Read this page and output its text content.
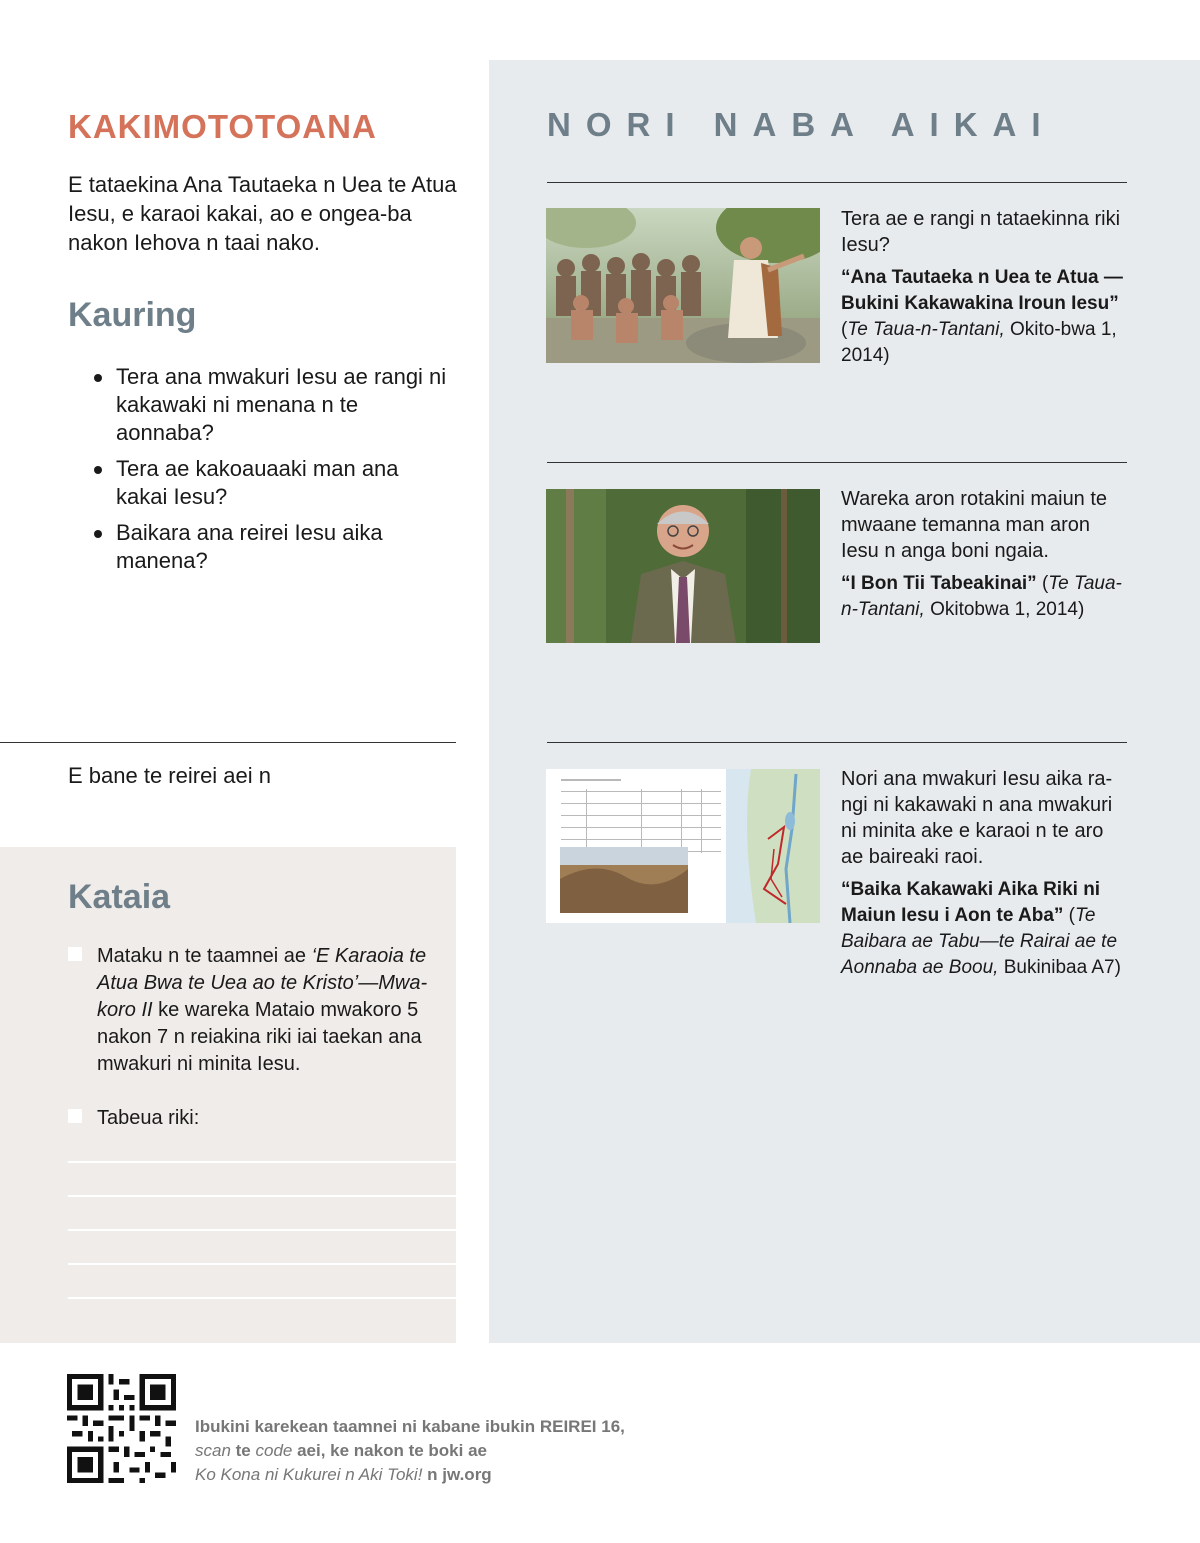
KAKIMOTOTOANA

E tataekina Ana Tautaeka n Uea te Atua Iesu, e karaoi kakai, ao e ongea-ba nakon Iehova n taai nako.

Kauring
Tera ana mwakuri Iesu ae rangi ni kakawaki ni menana n te aonnaba?
Tera ae kakoauaaki man ana kakai Iesu?
Baikara ana reirei Iesu aika manena?

E bane te reirei aei n

Kataia
Mataku n te taamnei ae ‘E Karaoia te Atua Bwa te Uea ao te Kristo’—Mwa-koro II ke wareka Mataio mwakoro 5 nakon 7 n reiakina riki iai taekan ana mwakuri ni minita Iesu.
Tabeua riki:
NORI NABA AIKAI
Tera ae e rangi n tataekinna riki Iesu?
“Ana Tautaeka n Uea te Atua —Bukini Kakawakina Iroun Iesu” (Te Taua-n-Tantani, Okito-bwa 1, 2014)
Wareka aron rotakini maiun te mwaane temanna man aron Iesu n anga boni ngaia.
“I Bon Tii Tabeakinai” (Te Taua-n-Tantani, Okitobwa 1, 2014)
Nori ana mwakuri Iesu aika ra-ngi ni kakawaki n ana mwakuri ni minita ake e karaoi n te aro ae baireaki raoi.
“Baika Kakawaki Aika Riki ni Maiun Iesu i Aon te Aba” (Te Baibara ae Tabu—te Rairai ae te Aonnaba ae Boou, Bukinibaa A7)
Ibukini karekean taamnei ni kabane ibukin REIREI 16,
scan te code aei, ke nakon te boki ae
Ko Kona ni Kukurei n Aki Toki! n jw.org
